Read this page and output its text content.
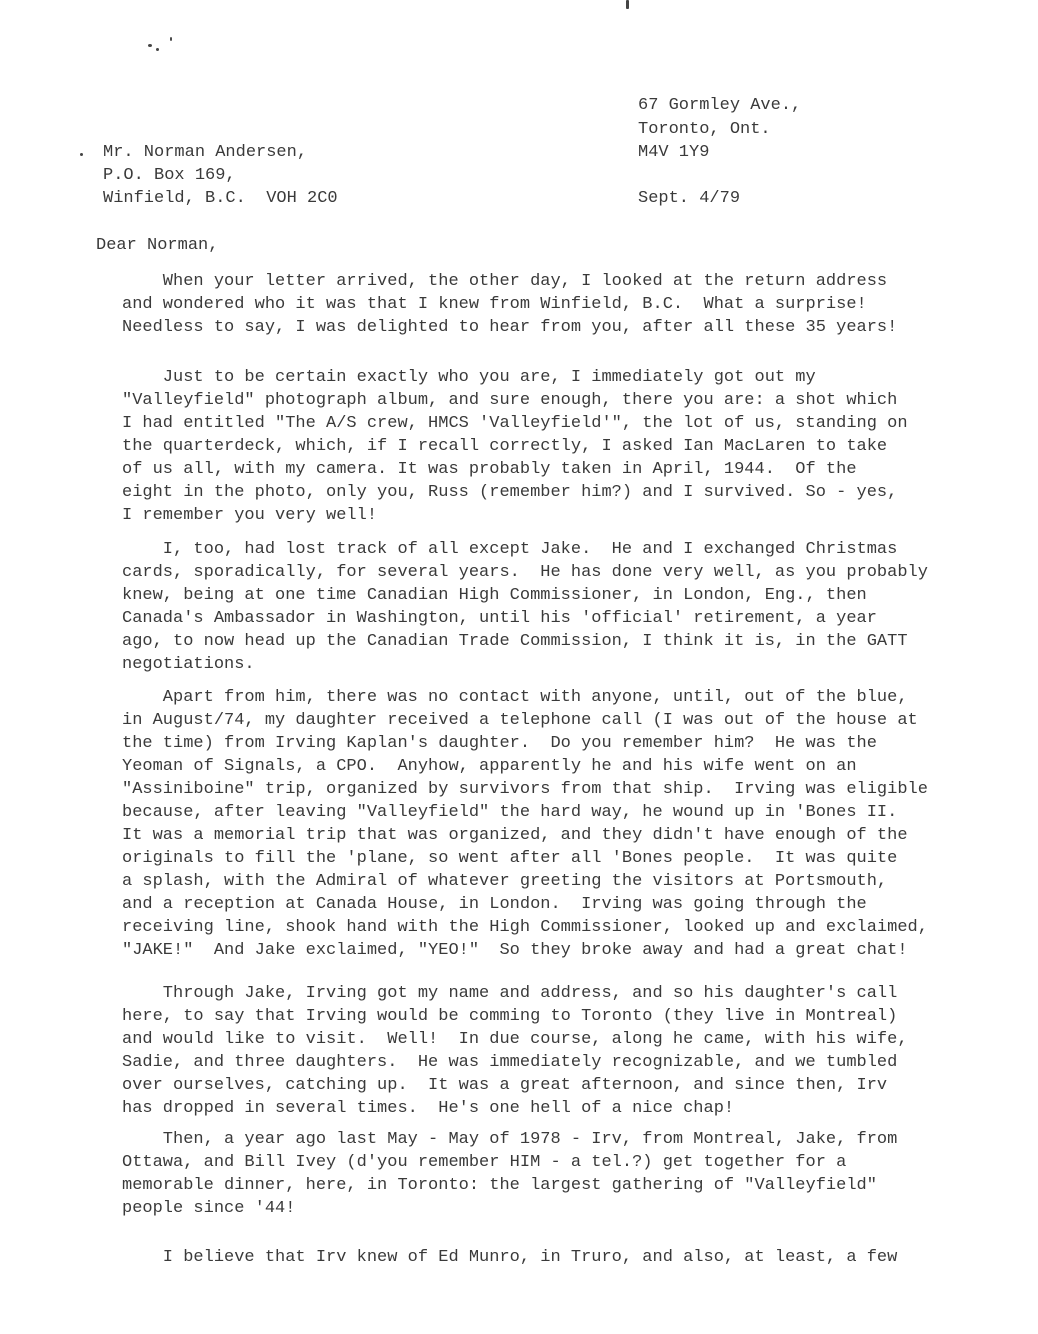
67 Gormley Ave.,
Toronto, Ont.
M4V 1Y9
Mr. Norman Andersen,
P.O. Box 169,
Winfield, B.C.  VOH 2C0	Sept. 4/79
Dear Norman,
When your letter arrived, the other day, I looked at the return address
and wondered who it was that I knew from Winfield, B.C.  What a surprise!
Needless to say, I was delighted to hear from you, after all these 35 years!
Just to be certain exactly who you are, I immediately got out my
"Valleyfield" photograph album, and sure enough, there you are: a shot which
I had entitled "The A/S crew, HMCS 'Valleyfield'", the lot of us, standing on
the quarterdeck, which, if I recall correctly, I asked Ian MacLaren to take
of us all, with my camera. It was probably taken in April, 1944.  Of the
eight in the photo, only you, Russ (remember him?) and I survived. So - yes,
I remember you very well!
I, too, had lost track of all except Jake.  He and I exchanged Christmas
cards, sporadically, for several years.  He has done very well, as you probably
knew, being at one time Canadian High Commissioner, in London, Eng., then
Canada's Ambassador in Washington, until his 'official' retirement, a year
ago, to now head up the Canadian Trade Commission, I think it is, in the GATT
negotiations.
Apart from him, there was no contact with anyone, until, out of the blue,
in August/74, my daughter received a telephone call (I was out of the house at
the time) from Irving Kaplan's daughter.  Do you remember him?  He was the
Yeoman of Signals, a CPO.  Anyhow, apparently he and his wife went on an
"Assiniboine" trip, organized by survivors from that ship.  Irving was eligible
because, after leaving "Valleyfield" the hard way, he wound up in 'Bones II.
It was a memorial trip that was organized, and they didn't have enough of the
originals to fill the 'plane, so went after all 'Bones people.  It was quite
a splash, with the Admiral of whatever greeting the visitors at Portsmouth,
and a reception at Canada House, in London.  Irving was going through the
receiving line, shook hand with the High Commissioner, looked up and exclaimed,
"JAKE!"  And Jake exclaimed, "YEO!"  So they broke away and had a great chat!
Through Jake, Irving got my name and address, and so his daughter's call
here, to say that Irving would be comming to Toronto (they live in Montreal)
and would like to visit.  Well!  In due course, along he came, with his wife,
Sadie, and three daughters.  He was immediately recognizable, and we tumbled
over ourselves, catching up.  It was a great afternoon, and since then, Irv
has dropped in several times.  He's one hell of a nice chap!
Then, a year ago last May - May of 1978 - Irv, from Montreal, Jake, from
Ottawa, and Bill Ivey (d'you remember HIM - a tel.?) get together for a
memorable dinner, here, in Toronto: the largest gathering of "Valleyfield"
people since '44!
I believe that Irv knew of Ed Munro, in Truro, and also, at least, a few
